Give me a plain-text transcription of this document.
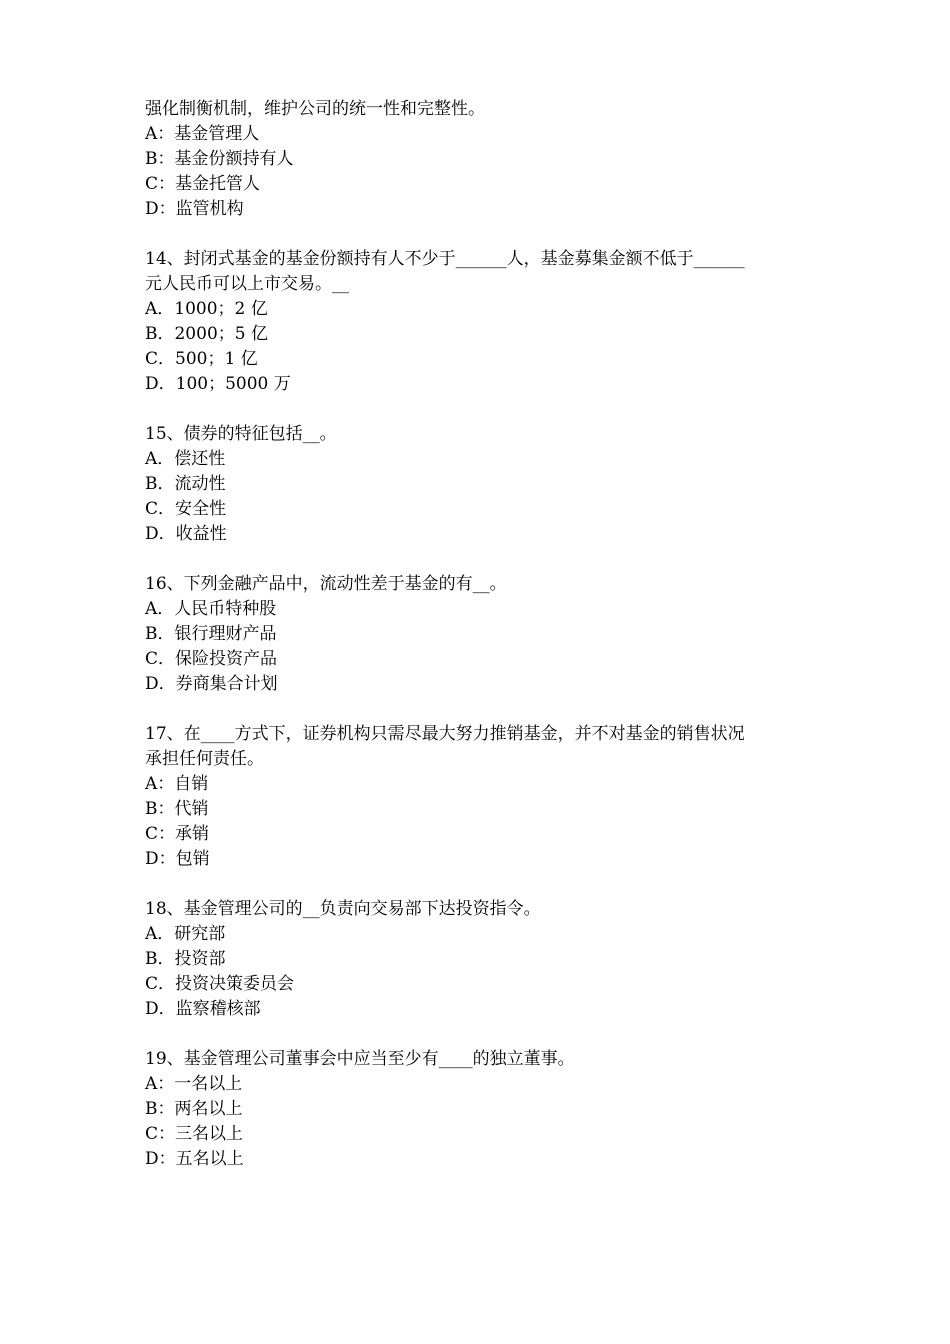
强化制衡机制，维护公司的统一性和完整性。
A：基金管理人
B：基金份额持有人
C：基金托管人
D：监管机构
14、封闭式基金的基金份额持有人不少于______人，基金募集金额不低于______
元人民币可以上市交易。__
A．1000；2 亿
B．2000；5 亿
C．500；1 亿
D．100；5000 万
15、债券的特征包括__。
A．偿还性
B．流动性
C．安全性
D．收益性
16、下列金融产品中，流动性差于基金的有__。
A．人民币特种股
B．银行理财产品
C．保险投资产品
D．券商集合计划
17、在____方式下，证券机构只需尽最大努力推销基金，并不对基金的销售状况
承担任何责任。
A：自销
B：代销
C：承销
D：包销
18、基金管理公司的__负责向交易部下达投资指令。
A．研究部
B．投资部
C．投资决策委员会
D．监察稽核部
19、基金管理公司董事会中应当至少有____的独立董事。
A：一名以上
B：两名以上
C：三名以上
D：五名以上
